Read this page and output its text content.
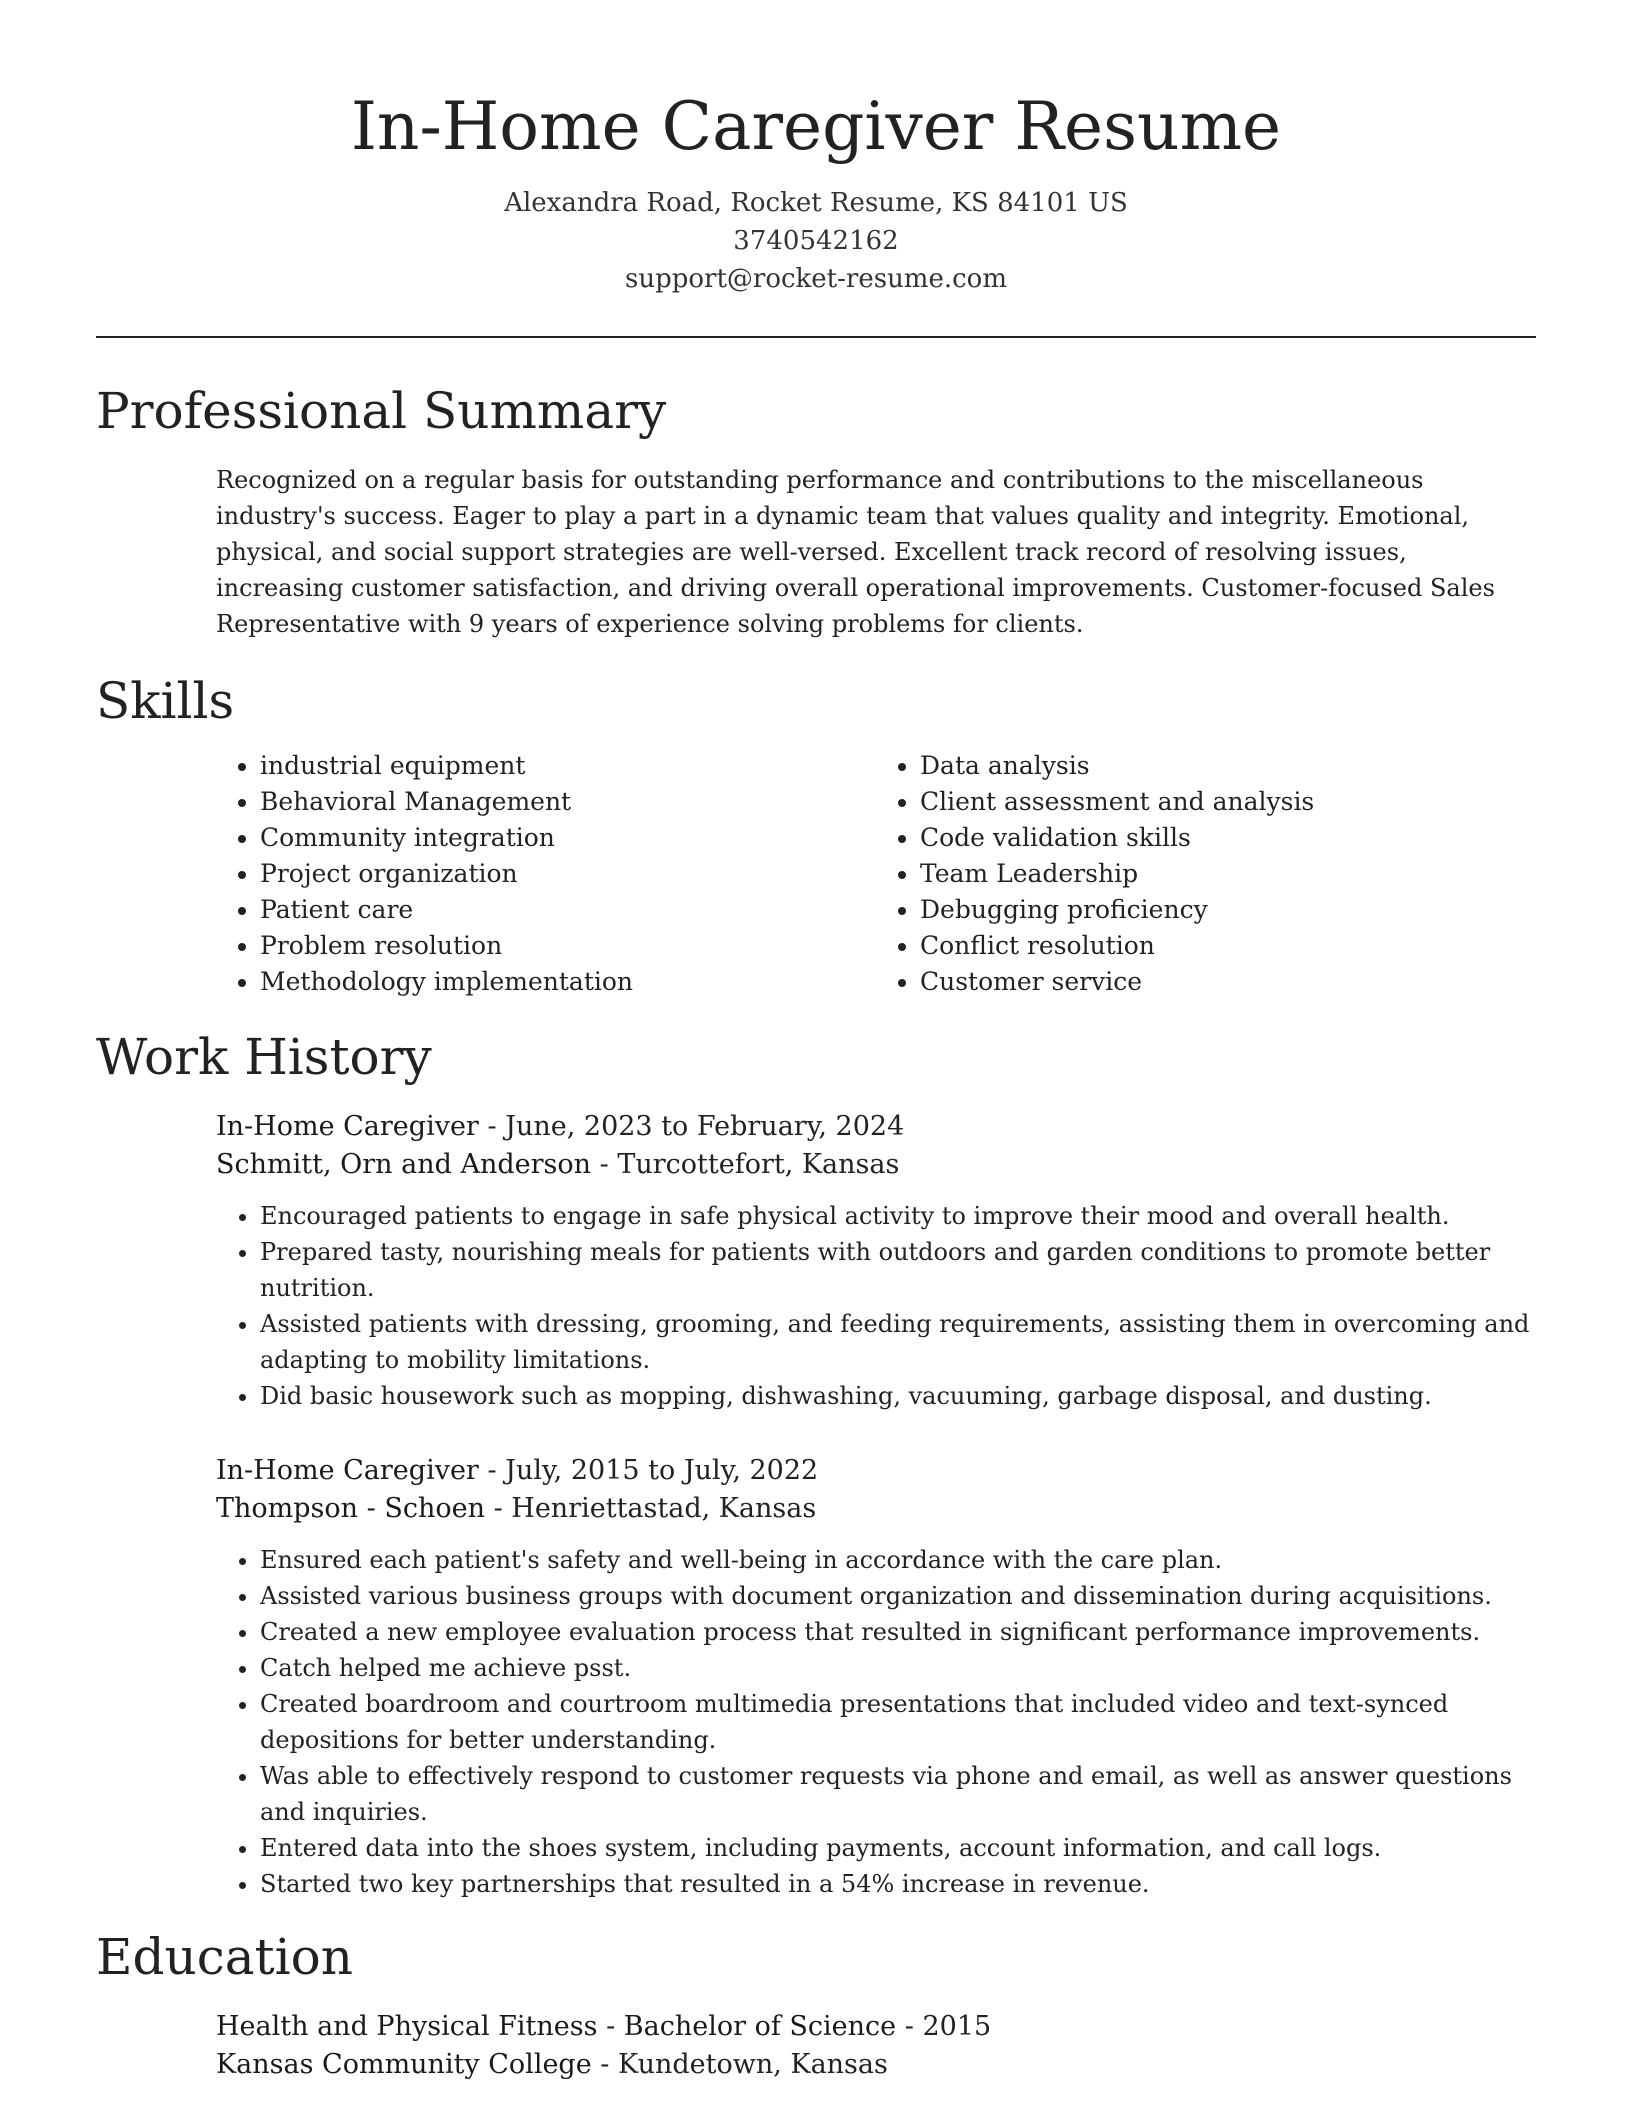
In-Home Caregiver Resume

Alexandra Road, Rocket Resume, KS 84101 US

3740542162

support@rocket-resume.com

Professional Summary

Recognized on a regular basis for outstanding performance and contributions to the miscellaneous industry's success. Eager to play a part in a dynamic team that values quality and integrity. Emotional, physical, and social support strategies are well-versed. Excellent track record of resolving issues, increasing customer satisfaction, and driving overall operational improvements. Customer-focused Sales Representative with 9 years of experience solving problems for clients.

Skills
• industrial equipment
• Behavioral Management
• Community integration
• Project organization
• Patient care
• Problem resolution
• Methodology implementation
• Data analysis
• Client assessment and analysis
• Code validation skills
• Team Leadership
• Debugging proficiency
• Conflict resolution
• Customer service
Work History

In-Home Caregiver - June, 2023 to February, 2024

Schmitt, Orn and Anderson - Turcottefort, Kansas

• Encouraged patients to engage in safe physical activity to improve their mood and overall health.
• Prepared tasty, nourishing meals for patients with outdoors and garden conditions to promote better nutrition.
• Assisted patients with dressing, grooming, and feeding requirements, assisting them in overcoming and adapting to mobility limitations.
• Did basic housework such as mopping, dishwashing, vacuuming, garbage disposal, and dusting.

In-Home Caregiver - July, 2015 to July, 2022

Thompson - Schoen - Henriettastad, Kansas

• Ensured each patient's safety and well-being in accordance with the care plan.
• Assisted various business groups with document organization and dissemination during acquisitions.
• Created a new employee evaluation process that resulted in significant performance improvements.
• Catch helped me achieve psst.
• Created boardroom and courtroom multimedia presentations that included video and text-synced depositions for better understanding.
• Was able to effectively respond to customer requests via phone and email, as well as answer questions and inquiries.
• Entered data into the shoes system, including payments, account information, and call logs.
• Started two key partnerships that resulted in a 54% increase in revenue.
Education

Health and Physical Fitness - Bachelor of Science - 2015

Kansas Community College - Kundetown, Kansas
